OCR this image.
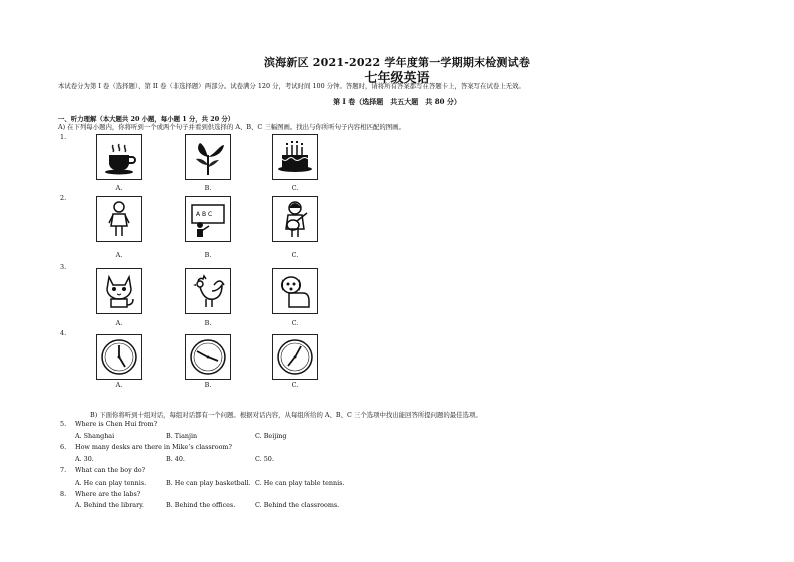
滨海新区 2021-2022 学年度第一学期期末检测试卷
七年级英语
本试卷分为第 I 卷（选择题）、第 II 卷（非选择题）两部分。试卷满分 120 分，考试时间 100 分钟。答题时，请将所有答案都写在答题卡上，答案写在试卷上无效。
第 I 卷（选择题　共五大题　共 80 分）
一、听力理解（本大题共 20 小题，每小题 1 分，共 20 分）
A) 在下列每小题内，你将听到一个或两个句子并看到供选择的 A、B、C 三幅图画。找出与你所听句子内容相匹配的图画。
1.
A.	B.	C.
2.
A B C
A.	B.	C.
3.
A.	B.	C.
4.
A.	B.	C.
B) 下面你将听到十组对话，每组对话都有一个问题。根据对话内容，从每组所给的 A、B、C 三个选项中找出能回答所提问题的最佳选项。
5. Where is Chen Hui from?
A. Shanghai	B. Tianjin	C. Beijing
6. How many desks are there in Mike’s classroom?
A. 30.	B. 40.	C. 50.
7. What can the boy do?
A. He can play tennis.	B. He can play basketball. C. He can play table tennis.
8. Where are the labs?
A. Behind the library.	B. Behind the offices.	C. Behind the classrooms.
